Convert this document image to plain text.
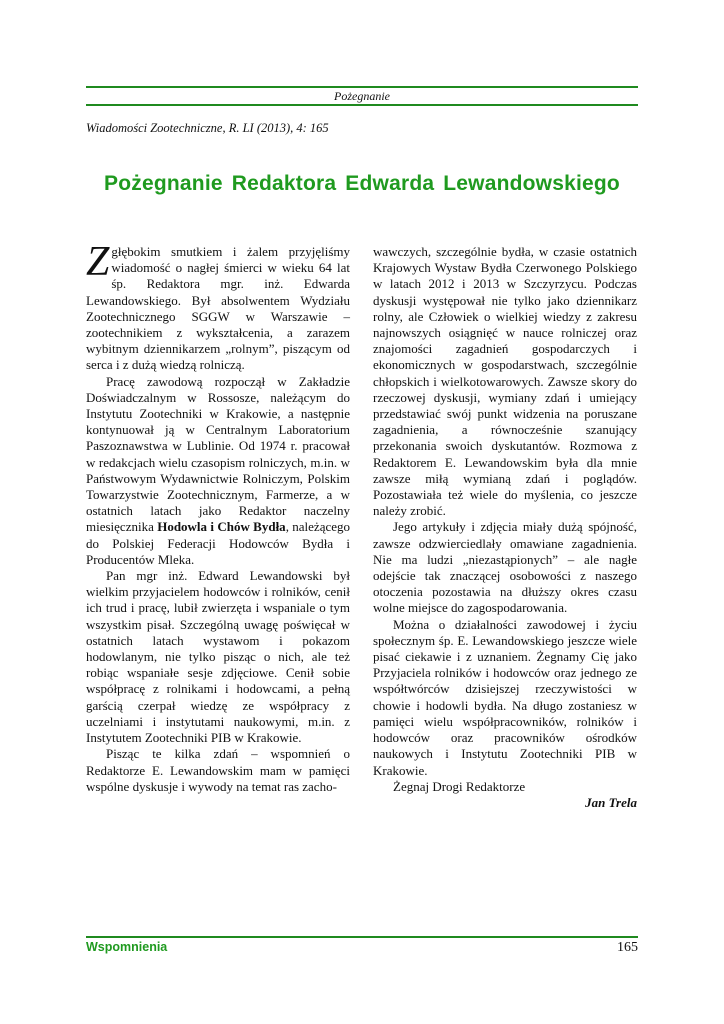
Pożegnanie
Wiadomości Zootechniczne, R. LI (2013), 4: 165
Pożegnanie Redaktora Edwarda Lewandowskiego

Zgłębokim smutkiem i żalem przyjęliśmy wiadomość o nagłej śmierci w wieku 64 lat śp. Redaktora mgr. inż. Edwarda Lewandowskiego. Był absolwentem Wydziału Zootechnicznego SGGW w Warszawie – zootechnikiem z wykształcenia, a zarazem wybitnym dziennikarzem „rolnym”, piszącym od serca i z dużą wiedzą rolniczą.

Pracę zawodową rozpoczął w Zakładzie Doświadczalnym w Rossosze, należącym do Instytutu Zootechniki w Krakowie, a następnie kontynuował ją w Centralnym Laboratorium Paszoznawstwa w Lublinie. Od 1974 r. pracował w redakcjach wielu czasopism rolniczych, m.in. w Państwowym Wydawnictwie Rolniczym, Polskim Towarzystwie Zootechnicznym, Farmerze, a w ostatnich latach jako Redaktor naczelny miesięcznika Hodowla i Chów Bydła, należącego do Polskiej Federacji Hodowców Bydła i Producentów Mleka.

Pan mgr inż. Edward Lewandowski był wielkim przyjacielem hodowców i rolników, cenił ich trud i pracę, lubił zwierzęta i wspaniale o tym wszystkim pisał. Szczególną uwagę poświęcał w ostatnich latach wystawom i pokazom hodowlanym, nie tylko pisząc o nich, ale też robiąc wspaniałe sesje zdjęciowe. Cenił sobie współpracę z rolnikami i hodowcami, a pełną garścią czerpał wiedzę ze współpracy z uczelniami i instytutami naukowymi, m.in. z Instytutem Zootechniki PIB w Krakowie.

Pisząc te kilka zdań – wspomnień o Redaktorze E. Lewandowskim mam w pamięci wspólne dyskusje i wywody na temat ras zacho-

wawczych, szczególnie bydła, w czasie ostatnich Krajowych Wystaw Bydła Czerwonego Polskiego w latach 2012 i 2013 w Szczyrzycu. Podczas dyskusji występował nie tylko jako dziennikarz rolny, ale Człowiek o wielkiej wiedzy z zakresu najnowszych osiągnięć w nauce rolniczej oraz znajomości zagadnień gospodarczych i ekonomicznych w gospodarstwach, szczególnie chłopskich i wielkotowarowych. Zawsze skory do rzeczowej dyskusji, wymiany zdań i umiejący przedstawiać swój punkt widzenia na poruszane zagadnienia, a równocześnie szanujący przekonania swoich dyskutantów. Rozmowa z Redaktorem E. Lewandowskim była dla mnie zawsze miłą wymianą zdań i poglądów. Pozostawiała też wiele do myślenia, co jeszcze należy zrobić.

Jego artykuły i zdjęcia miały dużą spójność, zawsze odzwierciedlały omawiane zagadnienia. Nie ma ludzi „niezastąpionych” – ale nagłe odejście tak znaczącej osobowości z naszego otoczenia pozostawia na dłuższy okres czasu wolne miejsce do zagospodarowania.

Można o działalności zawodowej i życiu społecznym śp. E. Lewandowskiego jeszcze wiele pisać ciekawie i z uznaniem. Żegnamy Cię jako Przyjaciela rolników i hodowców oraz jednego ze współtwórców dzisiejszej rzeczywistości w chowie i hodowli bydła. Na długo zostaniesz w pamięci wielu współpracowników, rolników i hodowców oraz pracowników ośrodków naukowych i Instytutu Zootechniki PIB w Krakowie.

Żegnaj Drogi Redaktorze

Jan Trela

Wspomnienia	165
